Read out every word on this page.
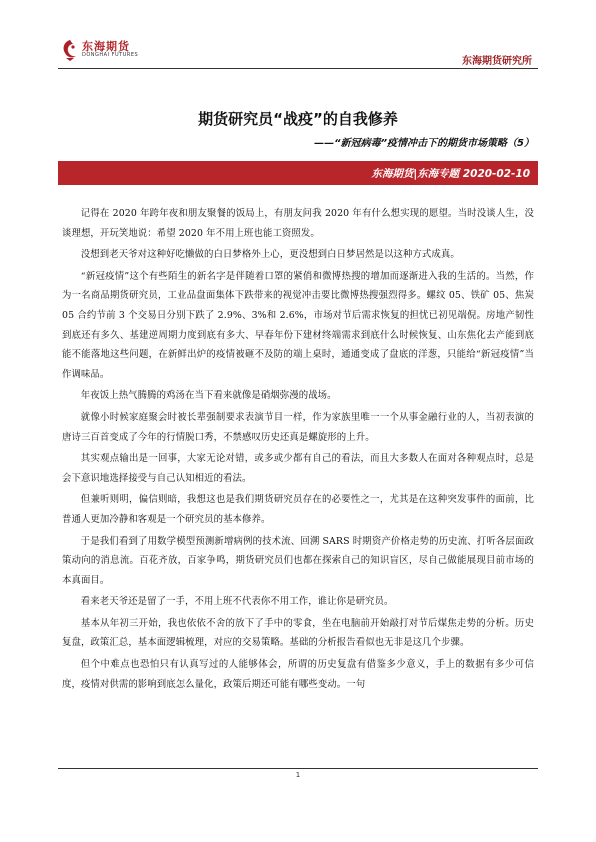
东海期货
DONGHAI FUTURES
东海期货研究所
期货研究员“战疫”的自我修养
——“新冠病毒”疫情冲击下的期货市场策略（5）
东海期货|东海专题 2020-02-10

记得在 2020 年跨年夜和朋友聚餐的饭局上，有朋友问我 2020 年有什么想实现的愿望。当时没谈人生，没谈理想，开玩笑地说：希望 2020 年不用上班也能工资照发。

没想到老天爷对这种好吃懒做的白日梦格外上心，更没想到白日梦居然是以这种方式成真。

“新冠疫情”这个有些陌生的新名字是伴随着口罩的紧俏和微博热搜的增加而逐渐进入我的生活的。当然，作为一名商品期货研究员，工业品盘面集体下跌带来的视觉冲击要比微博热搜强烈得多。螺纹 05、铁矿 05、焦炭 05 合约节前 3 个交易日分别下跌了 2.9%、3%和 2.6%，市场对节后需求恢复的担忧已初见端倪。房地产韧性到底还有多久、基建逆周期力度到底有多大、早春年份下建材终端需求到底什么时候恢复、山东焦化去产能到底能不能落地这些问题，在新鲜出炉的疫情被砸不及防的端上桌时，通通变成了盘底的洋葱，只能给“新冠疫情”当作调味品。

年夜饭上热气腾腾的鸡汤在当下看来就像是硝烟弥漫的战场。

就像小时候家庭聚会时被长辈强制要求表演节目一样，作为家族里唯一一个从事金融行业的人，当初表演的唐诗三百首变成了今年的行情脱口秀，不禁感叹历史还真是螺旋形的上升。

其实观点输出是一回事，大家无论对错，或多或少都有自己的看法，而且大多数人在面对各种观点时，总是会下意识地选择接受与自己认知相近的看法。

但兼听则明，偏信则暗，我想这也是我们期货研究员存在的必要性之一，尤其是在这种突发事件的面前，比普通人更加冷静和客观是一个研究员的基本修养。

于是我们看到了用数学模型预测新增病例的技术流、回溯 SARS 时期资产价格走势的历史流、打听各层面政策动向的消息流。百花齐放，百家争鸣，期货研究员们也都在探索自己的知识盲区，尽自己做能展现目前市场的本真面目。

看来老天爷还是留了一手，不用上班不代表你不用工作，谁让你是研究员。

基本从年初三开始，我也依依不舍的放下了手中的零食，坐在电脑前开始敲打对节后煤焦走势的分析。历史复盘，政策汇总，基本面逻辑梳理，对应的交易策略。基础的分析报告看似也无非是这几个步骤。

但个中难点也恐怕只有认真写过的人能够体会，所谓的历史复盘有借鉴多少意义，手上的数据有多少可信度，疫情对供需的影响到底怎么量化，政策后期还可能有哪些变动。一句

1
